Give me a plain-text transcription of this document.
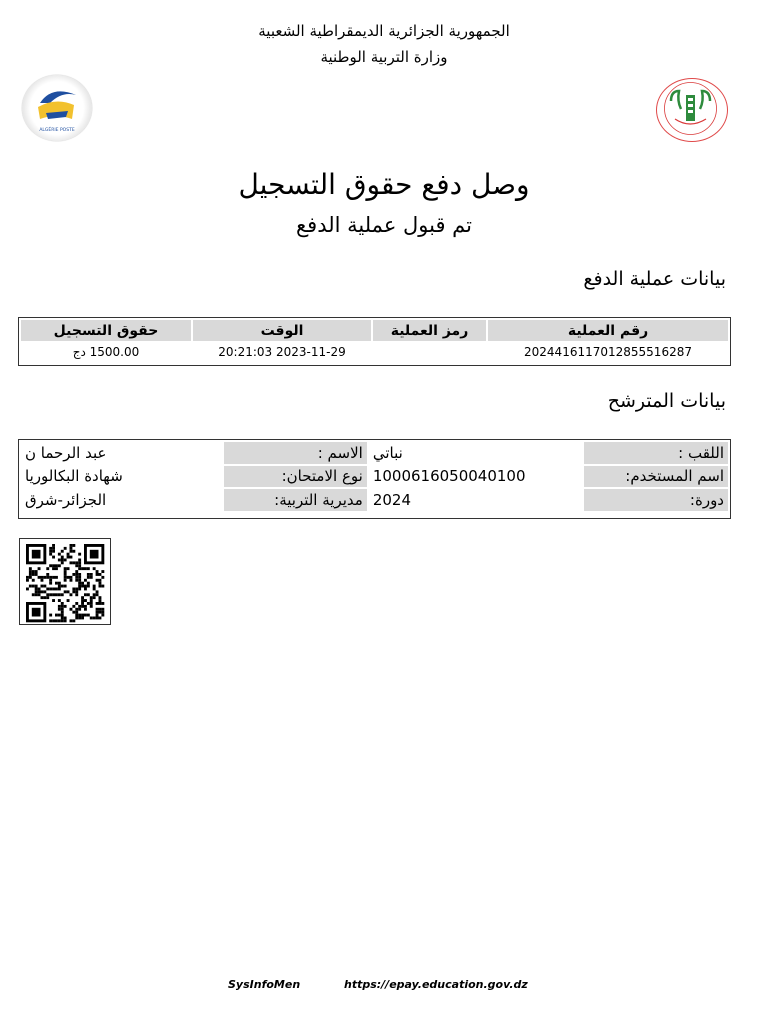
الجمهورية الجزائرية الديمقراطية الشعبية
وزارة التربية الوطنية
ALGÉRIE POSTE
وصل دفع حقوق التسجيل
تم قبول عملية الدفع
بيانات عملية الدفع
رقم العملية	رمز العملية	الوقت	حقوق التسجيل
2024416117012855516287		2023-11-29 20:21:03	1500.00 دج
بيانات المترشح
اللقب :	نباتي	الاسم :	عبد الرحما ن
اسم المستخدم:	1000616050040100	نوع الامتحان:	شهادة البكالوريا
دورة:	2024	مديرية التربية:	الجزائر-شرق
SysInfoMen	https://epay.education.gov.dz
